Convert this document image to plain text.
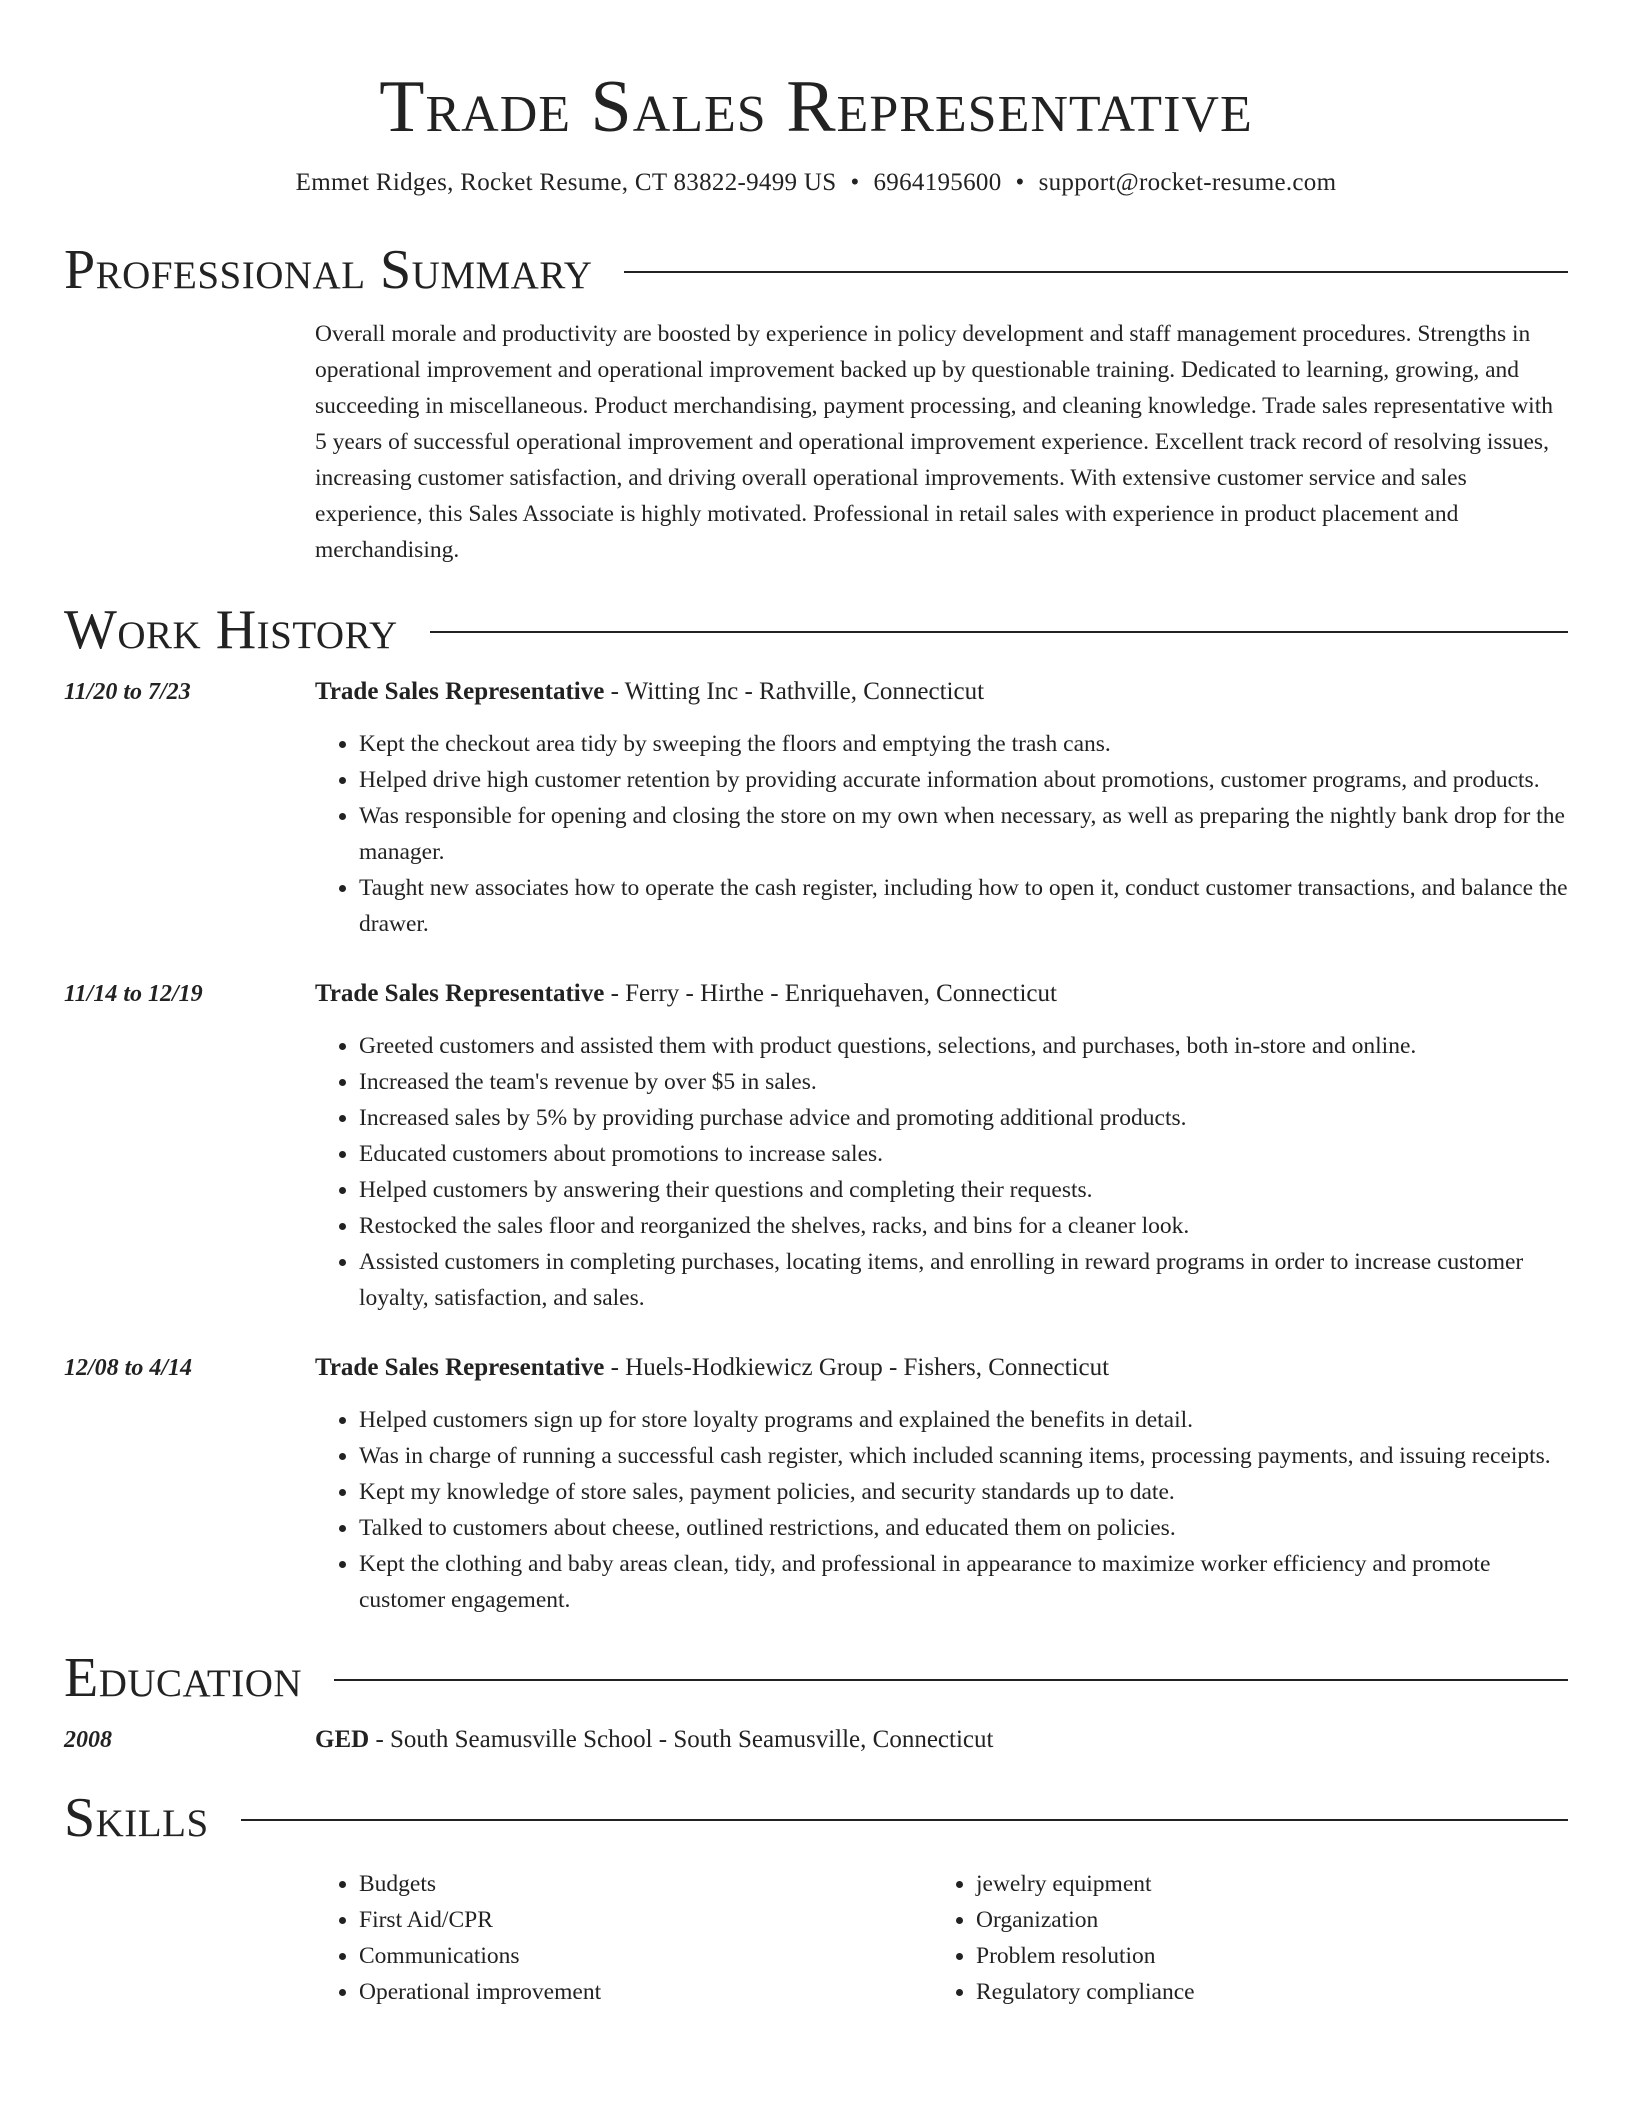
Trade Sales Representative
Emmet Ridges, Rocket Resume, CT 83822-9499 US • 6964195600 • support@rocket-resume.com
Professional Summary
Overall morale and productivity are boosted by experience in policy development and staff management procedures. Strengths in operational improvement and operational improvement backed up by questionable training. Dedicated to learning, growing, and succeeding in miscellaneous. Product merchandising, payment processing, and cleaning knowledge. Trade sales representative with 5 years of successful operational improvement and operational improvement experience. Excellent track record of resolving issues, increasing customer satisfaction, and driving overall operational improvements. With extensive customer service and sales experience, this Sales Associate is highly motivated. Professional in retail sales with experience in product placement and merchandising.
Work History
11/20 to 7/23	Trade Sales Representative - Witting Inc - Rathville, Connecticut
• Kept the checkout area tidy by sweeping the floors and emptying the trash cans.
• Helped drive high customer retention by providing accurate information about promotions, customer programs, and products.
• Was responsible for opening and closing the store on my own when necessary, as well as preparing the nightly bank drop for the manager.
• Taught new associates how to operate the cash register, including how to open it, conduct customer transactions, and balance the drawer.
11/14 to 12/19	Trade Sales Representative - Ferry - Hirthe - Enriquehaven, Connecticut
• Greeted customers and assisted them with product questions, selections, and purchases, both in-store and online.
• Increased the team's revenue by over $5 in sales.
• Increased sales by 5% by providing purchase advice and promoting additional products.
• Educated customers about promotions to increase sales.
• Helped customers by answering their questions and completing their requests.
• Restocked the sales floor and reorganized the shelves, racks, and bins for a cleaner look.
• Assisted customers in completing purchases, locating items, and enrolling in reward programs in order to increase customer loyalty, satisfaction, and sales.
12/08 to 4/14	Trade Sales Representative - Huels-Hodkiewicz Group - Fishers, Connecticut
• Helped customers sign up for store loyalty programs and explained the benefits in detail.
• Was in charge of running a successful cash register, which included scanning items, processing payments, and issuing receipts.
• Kept my knowledge of store sales, payment policies, and security standards up to date.
• Talked to customers about cheese, outlined restrictions, and educated them on policies.
• Kept the clothing and baby areas clean, tidy, and professional in appearance to maximize worker efficiency and promote customer engagement.
Education
2008	GED - South Seamusville School - South Seamusville, Connecticut
Skills
• Budgets
• First Aid/CPR
• Communications
• Operational improvement
• jewelry equipment
• Organization
• Problem resolution
• Regulatory compliance
